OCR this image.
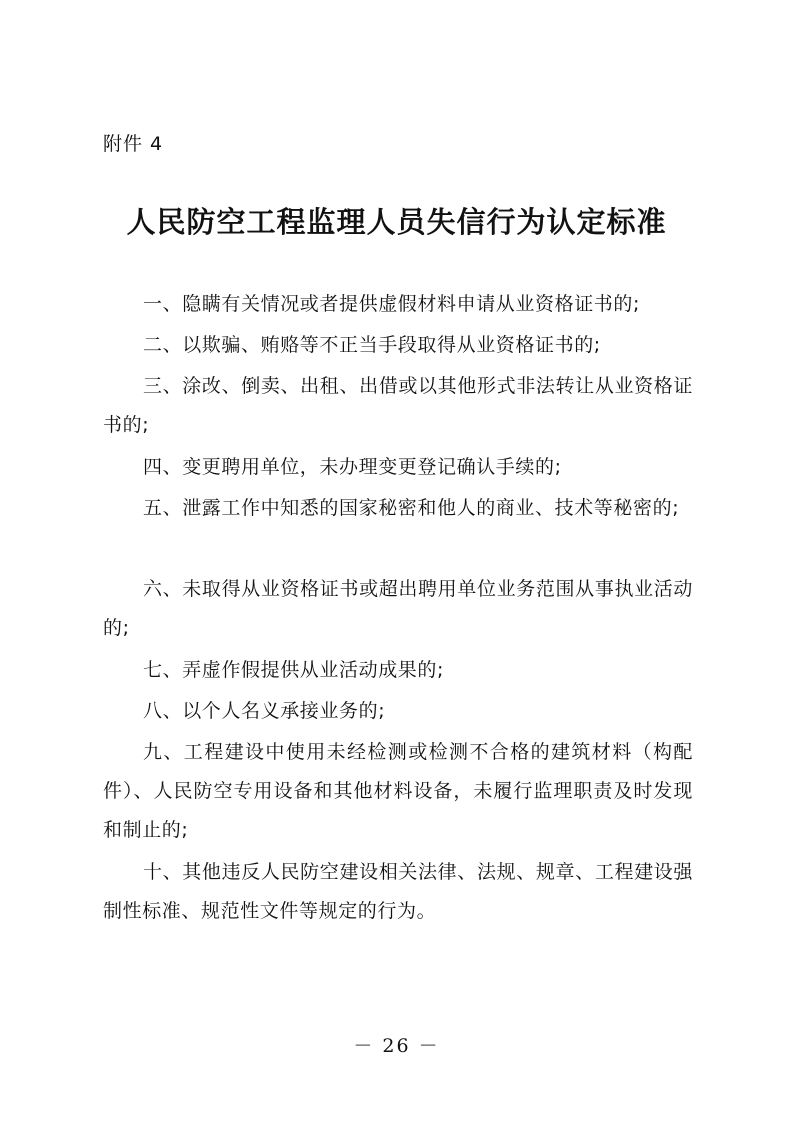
附件 4
人民防空工程监理人员失信行为认定标准
一、隐瞒有关情况或者提供虚假材料申请从业资格证书的;
二、以欺骗、贿赂等不正当手段取得从业资格证书的;
三、涂改、倒卖、出租、出借或以其他形式非法转让从业资格证书的;
四、变更聘用单位，未办理变更登记确认手续的;
五、泄露工作中知悉的国家秘密和他人的商业、技术等秘密的;
六、未取得从业资格证书或超出聘用单位业务范围从事执业活动的;
七、弄虚作假提供从业活动成果的;
八、以个人名义承接业务的;
九、工程建设中使用未经检测或检测不合格的建筑材料（构配件）、人民防空专用设备和其他材料设备，未履行监理职责及时发现和制止的;
十、其他违反人民防空建设相关法律、法规、规章、工程建设强制性标准、规范性文件等规定的行为。
－ 26 －
